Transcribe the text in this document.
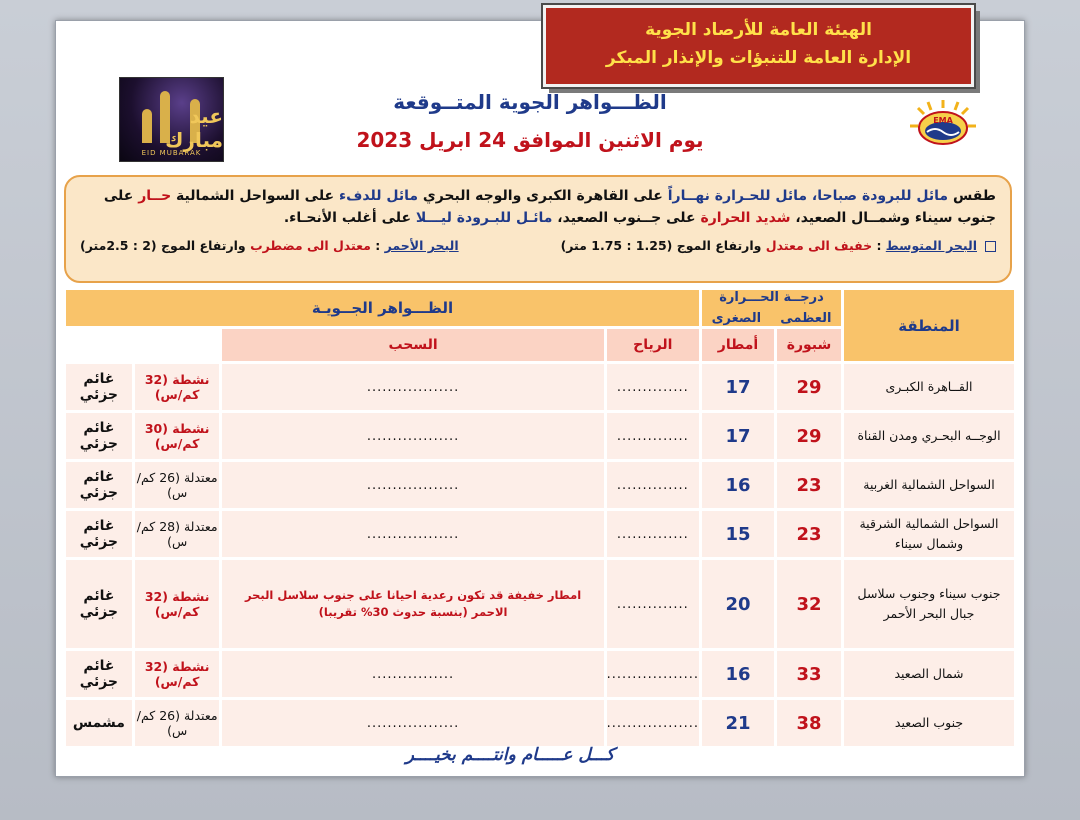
الهيئة العامة للأرصاد الجوية
الإدارة العامة للتنبؤات والإنذار المبكر
عيد مبارك
EID MUBARAK
EMA
الظـــواهر الجوية المتــوقعة
يوم الاثنين الموافق 24 ابريل 2023
طقس مائل للبرودة صباحا، مائل للحـرارة نهــاراً على القاهرة الكبرى والوجه البحري مائل للدفء على السواحل الشمالية حــار على جنوب سيناء وشمــال الصعيد، شديد الحرارة على جــنوب الصعيد، مائـل للبـرودة ليـــلا على أغلب الأنحـاء.
البحر المتوسط : خفيف الى معتدل وارتفاع الموج (1.25 : 1.75 متر)
البحر الأحمر : معتدل الى مضطرب وارتفاع الموج (2 : 2.5متر)
المنطقة	درجــة الحـــرارة
العظمى
الصغرى		الظـــواهر الجــويـة			
	شبورة	أمطار	الرياح	السحب		
القــاهرة الكبـرى	29	17	..............	..................	نشطة (32 كم/س)	غائم جزئي
الوجــه البحـري ومدن القناة	29	17	..............	..................	نشطة (30 كم/س)	غائم جزئي
السواحل الشمالية الغربية	23	16	..............	..................	معتدلة (26 كم/س)	غائم جزئي
السواحل الشمالية الشرقية وشمال سيناء	23	15	..............	..................	معتدلة (28 كم/س)	غائم جزئي
جنوب سيناء وجنوب سلاسل جبال البحر الأحمر	32	20	..............	امطار خفيفة قد تكون رعدية احيانا على جنوب سلاسل البحر الاحمر (بنسبة حدوث 30% تقريبا)	نشطة (32 كم/س)	غائم جزئي
شمال الصعيد	33	16	..................	................	نشطة (32 كم/س)	غائم جزئي
جنوب الصعيد	38	21	..................	..................	معتدلة (26 كم/س)	مشمس
كـــل عـــــام وانتــــم بخيــــر
